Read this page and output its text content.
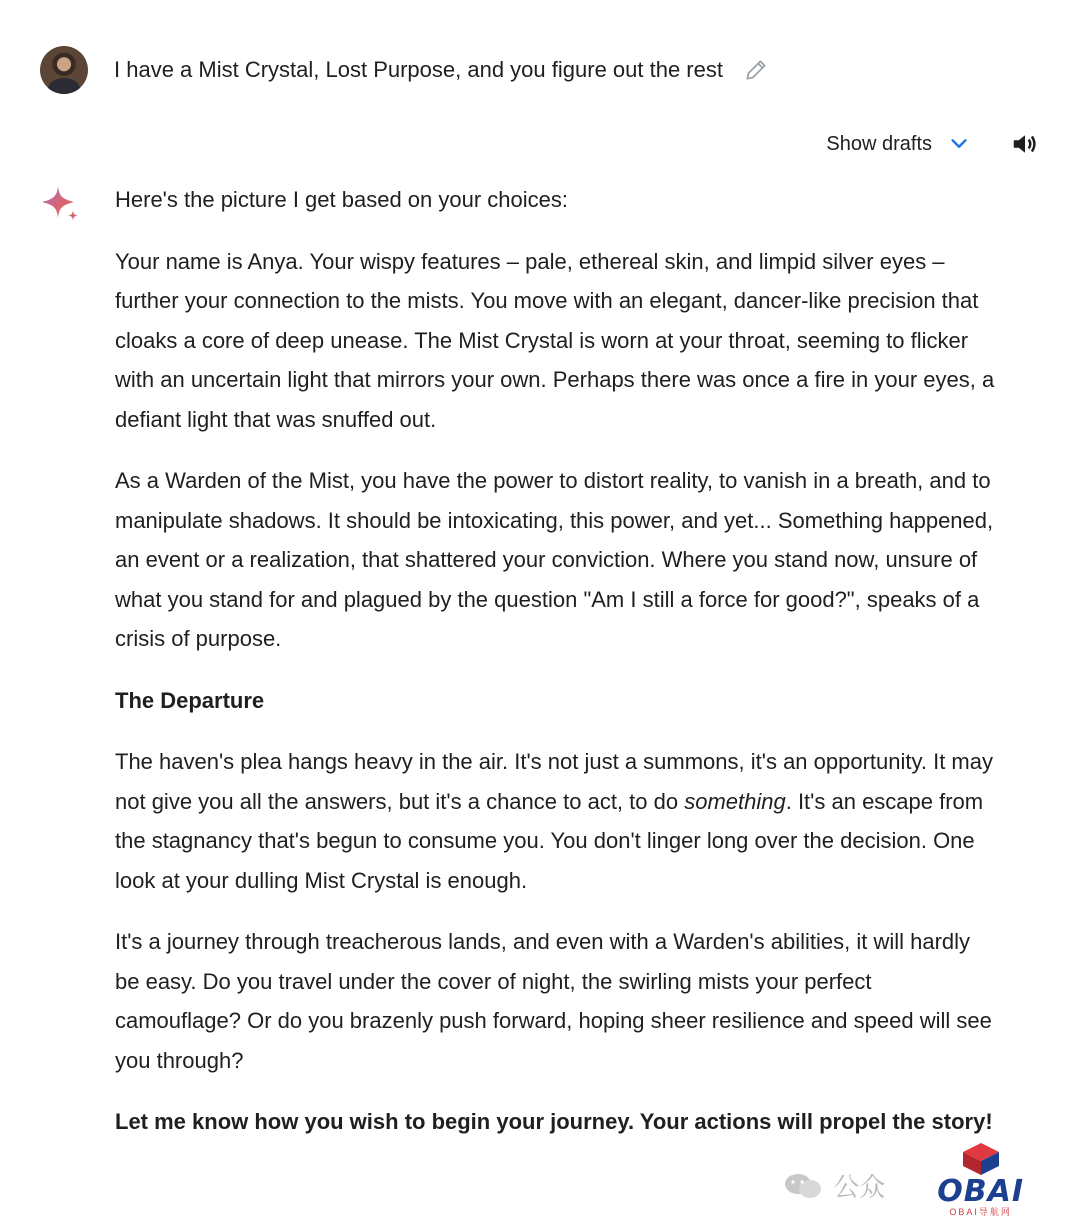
I have a Mist Crystal, Lost Purpose, and you figure out the rest
Show drafts

Here's the picture I get based on your choices:

Your name is Anya. Your wispy features – pale, ethereal skin, and limpid silver eyes – further your connection to the mists. You move with an elegant, dancer-like precision that cloaks a core of deep unease. The Mist Crystal is worn at your throat, seeming to flicker with an uncertain light that mirrors your own. Perhaps there was once a fire in your eyes, a defiant light that was snuffed out.

As a Warden of the Mist, you have the power to distort reality, to vanish in a breath, and to manipulate shadows. It should be intoxicating, this power, and yet... Something happened, an event or a realization, that shattered your conviction. Where you stand now, unsure of what you stand for and plagued by the question "Am I still a force for good?", speaks of a crisis of purpose.

The Departure

The haven's plea hangs heavy in the air. It's not just a summons, it's an opportunity. It may not give you all the answers, but it's a chance to act, to do something. It's an escape from the stagnancy that's begun to consume you. You don't linger long over the decision. One look at your dulling Mist Crystal is enough.

It's a journey through treacherous lands, and even with a Warden's abilities, it will hardly be easy. Do you travel under the cover of night, the swirling mists your perfect camouflage? Or do you brazenly push forward, hoping sheer resilience and speed will see you through?

Let me know how you wish to begin your journey. Your actions will propel the story!

公众 OBAI
OBAI导航网
